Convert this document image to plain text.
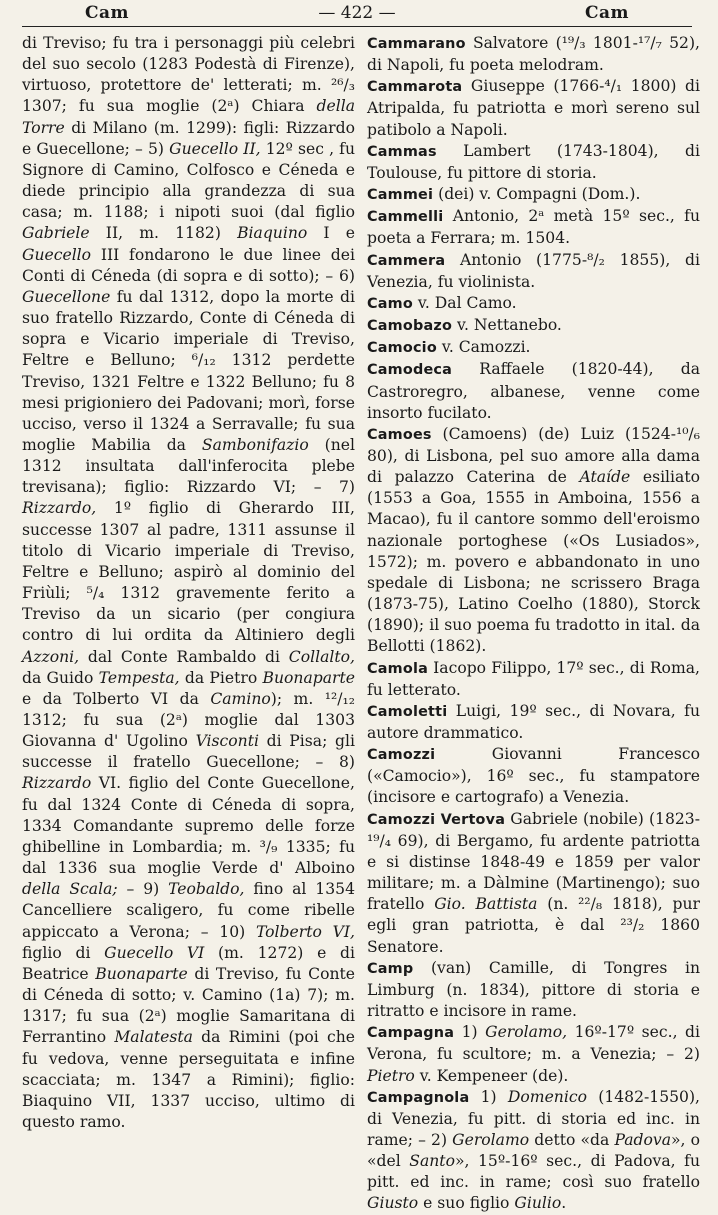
Cam	— 422 —	Cam

di Treviso; fu tra i personaggi più celebri del suo secolo (1283 Podestà di Firenze), virtuoso, protettore de' letterati; m. ²⁶/₃ 1307; fu sua moglie (2ᵃ) Chiara della Torre di Milano (m. 1299): figli: Rizzardo e Guecellone; – 5) Guecello II, 12º sec , fu Signore di Camino, Colfosco e Céneda e diede principio alla grandezza di sua casa; m. 1188; i nipoti suoi (dal figlio Gabriele II, m. 1182) Biaquino I e Guecello III fondarono le due linee dei Conti di Céneda (di sopra e di sotto); – 6) Guecellone fu dal 1312, dopo la morte di suo fratello Rizzardo, Conte di Céneda di sopra e Vicario imperiale di Treviso, Feltre e Belluno; ⁶/₁₂ 1312 perdette Treviso, 1321 Feltre e 1322 Belluno; fu 8 mesi prigioniero dei Padovani; morì, forse ucciso, verso il 1324 a Serravalle; fu sua moglie Mabilia da Sambonifazio (nel 1312 insultata dall'inferocita plebe trevisana); figlio: Rizzardo VI; – 7) Rizzardo, 1º figlio di Gherardo III, successe 1307 al padre, 1311 assunse il titolo di Vicario imperiale di Treviso, Feltre e Belluno; aspirò al dominio del Friùli; ⁵/₄ 1312 gravemente ferito a Treviso da un sicario (per congiura contro di lui ordita da Altiniero degli Azzoni, dal Conte Rambaldo di Collalto, da Guido Tempesta, da Pietro Buonaparte e da Tolberto VI da Camino); m. ¹²/₁₂ 1312; fu sua (2ᵃ) moglie dal 1303 Giovanna d' Ugolino Visconti di Pisa; gli successe il fratello Guecellone; – 8) Rizzardo VI. figlio del Conte Guecellone, fu dal 1324 Conte di Céneda di sopra, 1334 Comandante supremo delle forze ghibelline in Lombardia; m. ³/₉ 1335; fu dal 1336 sua moglie Verde d' Alboino della Scala; – 9) Teobaldo, fino al 1354 Cancelliere scaligero, fu come ribelle appiccato a Verona; – 10) Tolberto VI, figlio di Guecello VI (m. 1272) e di Beatrice Buonaparte di Treviso, fu Conte di Céneda di sotto; v. Camino (1a) 7); m. 1317; fu sua (2ᵃ) moglie Samaritana di Ferrantino Malatesta da Rimini (poi che fu vedova, venne perseguitata e infine scacciata; m. 1347 a Rimini); figlio: Biaquino VII, 1337 ucciso, ultimo di questo ramo.

Cammarano Salvatore (¹⁹/₃ 1801-¹⁷/₇ 52), di Napoli, fu poeta melodram.

Cammarota Giuseppe (1766-⁴/₁ 1800) di Atripalda, fu patriotta e morì sereno sul patibolo a Napoli.

Cammas Lambert (1743-1804), di Toulouse, fu pittore di storia.

Cammei (dei) v. Compagni (Dom.).

Cammelli Antonio, 2ᵃ metà 15º sec., fu poeta a Ferrara; m. 1504.

Cammera Antonio (1775-⁸/₂ 1855), di Venezia, fu violinista.

Camo v. Dal Camo.

Camobazo v. Nettanebo.

Camocio v. Camozzi.

Camodeca Raffaele (1820-44), da Castroregro, albanese, venne come insorto fucilato.

Camoes (Camoens) (de) Luiz (1524-¹⁰/₆ 80), di Lisbona, pel suo amore alla dama di palazzo Caterina de Ataíde esiliato (1553 a Goa, 1555 in Amboina, 1556 a Macao), fu il cantore sommo dell'eroismo nazionale portoghese («Os Lusiados», 1572); m. povero e abbandonato in uno spedale di Lisbona; ne scrissero Braga (1873-75), Latino Coelho (1880), Storck (1890); il suo poema fu tradotto in ital. da Bellotti (1862).

Camola Iacopo Filippo, 17º sec., di Roma, fu letterato.

Camoletti Luigi, 19º sec., di Novara, fu autore drammatico.

Camozzi Giovanni Francesco («Camocio»), 16º sec., fu stampatore (incisore e cartografo) a Venezia.

Camozzi Vertova Gabriele (nobile) (1823-¹⁹/₄ 69), di Bergamo, fu ardente patriotta e si distinse 1848-49 e 1859 per valor militare; m. a Dàlmine (Martinengo); suo fratello Gio. Battista (n. ²²/₈ 1818), pur egli gran patriotta, è dal ²³/₂ 1860 Senatore.

Camp (van) Camille, di Tongres in Limburg (n. 1834), pittore di storia e ritratto e incisore in rame.

Campagna 1) Gerolamo, 16º-17º sec., di Verona, fu scultore; m. a Venezia; – 2) Pietro v. Kempeneer (de).

Campagnola 1) Domenico (1482-1550), di Venezia, fu pitt. di storia ed inc. in rame; – 2) Gerolamo detto «da Padova», o «del Santo», 15º-16º sec., di Padova, fu pitt. ed inc. in rame; così suo fratello Giusto e suo figlio Giulio.
